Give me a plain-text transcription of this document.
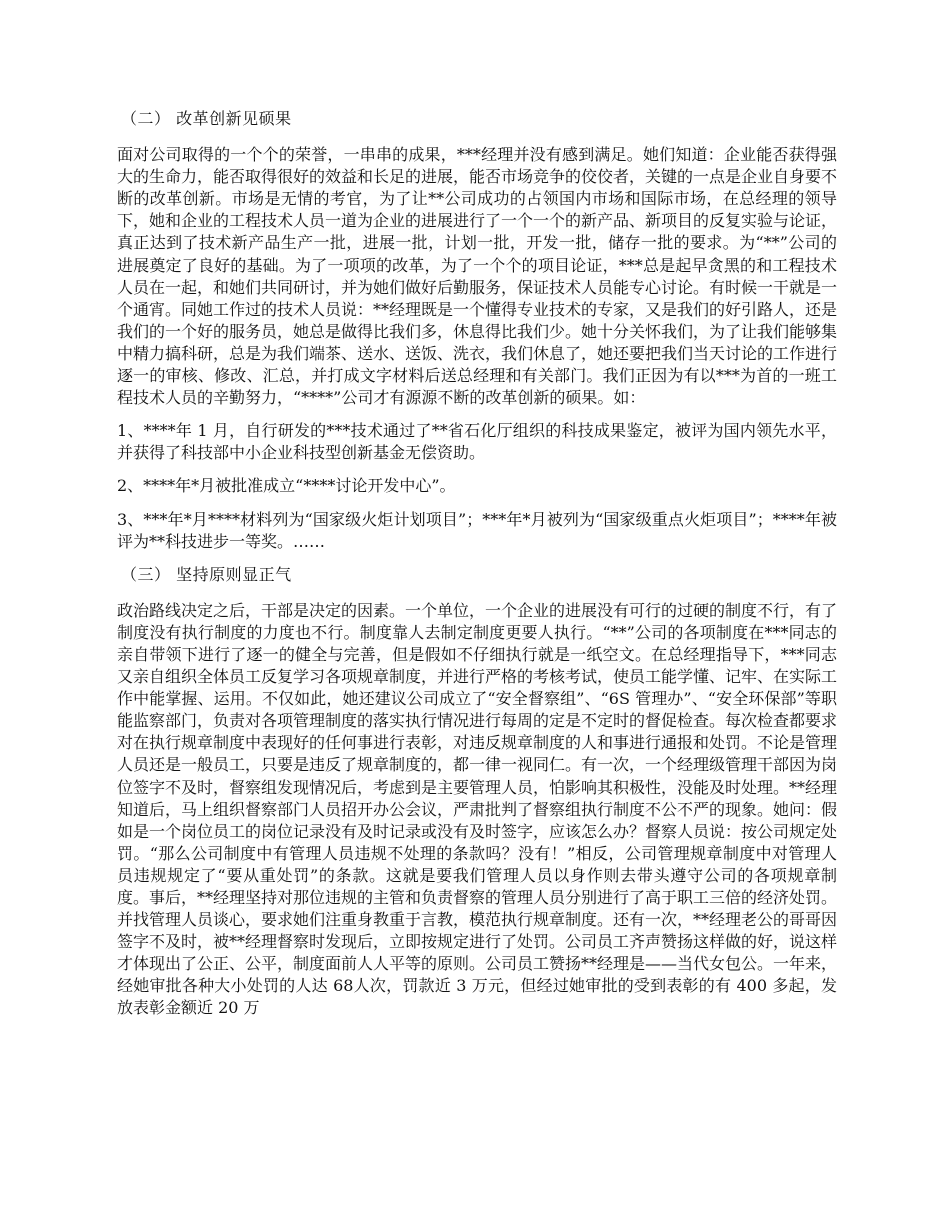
（二） 改革创新见硕果

面对公司取得的一个个的荣誉，一串串的成果，***经理并没有感到满足。她们知道：企业能否获得强大的生命力，能否取得很好的效益和长足的进展，能否市场竞争的佼佼者，关键的一点是企业自身要不断的改革创新。市场是无情的考官，为了让**公司成功的占领国内市场和国际市场，在总经理的领导下，她和企业的工程技术人员一道为企业的进展进行了一个一个的新产品、新项目的反复实验与论证，真正达到了技术新产品生产一批，进展一批，计划一批，开发一批，储存一批的要求。为“**”公司的进展奠定了良好的基础。为了一项项的改革，为了一个个的项目论证，***总是起早贪黑的和工程技术人员在一起，和她们共同研讨，并为她们做好后勤服务，保证技术人员能专心讨论。有时候一干就是一个通宵。同她工作过的技术人员说：**经理既是一个懂得专业技术的专家，又是我们的好引路人，还是我们的一个好的服务员，她总是做得比我们多，休息得比我们少。她十分关怀我们，为了让我们能够集中精力搞科研，总是为我们端茶、送水、送饭、洗衣，我们休息了，她还要把我们当天讨论的工作进行逐一的审核、修改、汇总，并打成文字材料后送总经理和有关部门。我们正因为有以***为首的一班工程技术人员的辛勤努力，“****”公司才有源源不断的改革创新的硕果。如：

1、****年 1 月，自行研发的***技术通过了**省石化厅组织的科技成果鉴定，被评为国内领先水平，并获得了科技部中小企业科技型创新基金无偿资助。

2、****年*月被批准成立“****讨论开发中心”。

3、***年*月****材料列为“国家级火炬计划项目”；***年*月被列为“国家级重点火炬项目”；****年被评为**科技进步一等奖。……

（三） 坚持原则显正气

政治路线决定之后，干部是决定的因素。一个单位，一个企业的进展没有可行的过硬的制度不行，有了制度没有执行制度的力度也不行。制度靠人去制定制度更要人执行。“**”公司的各项制度在***同志的亲自带领下进行了逐一的健全与完善，但是假如不仔细执行就是一纸空文。在总经理指导下，***同志又亲自组织全体员工反复学习各项规章制度，并进行严格的考核考试，使员工能学懂、记牢、在实际工作中能掌握、运用。不仅如此，她还建议公司成立了“安全督察组”、“6S 管理办”、“安全环保部”等职能监察部门，负责对各项管理制度的落实执行情况进行每周的定是不定时的督促检查。每次检查都要求对在执行规章制度中表现好的任何事进行表彰，对违反规章制度的人和事进行通报和处罚。不论是管理人员还是一般员工，只要是违反了规章制度的，都一律一视同仁。有一次，一个经理级管理干部因为岗位签字不及时，督察组发现情况后，考虑到是主要管理人员，怕影响其积极性，没能及时处理。**经理知道后，马上组织督察部门人员招开办公会议，严肃批判了督察组执行制度不公不严的现象。她问：假如是一个岗位员工的岗位记录没有及时记录或没有及时签字，应该怎么办？督察人员说：按公司规定处罚。“那么公司制度中有管理人员违规不处理的条款吗？没有！”相反，公司管理规章制度中对管理人员违规规定了“要从重处罚”的条款。这就是要我们管理人员以身作则去带头遵守公司的各项规章制度。事后，**经理坚持对那位违规的主管和负责督察的管理人员分别进行了高于职工三倍的经济处罚。并找管理人员谈心，要求她们注重身教重于言教，模范执行规章制度。还有一次，**经理老公的哥哥因签字不及时，被**经理督察时发现后，立即按规定进行了处罚。公司员工齐声赞扬这样做的好，说这样才体现出了公正、公平，制度面前人人平等的原则。公司员工赞扬**经理是——当代女包公。一年来，经她审批各种大小处罚的人达 68人次，罚款近 3 万元，但经过她审批的受到表彰的有 400 多起，发放表彰金额近 20 万
